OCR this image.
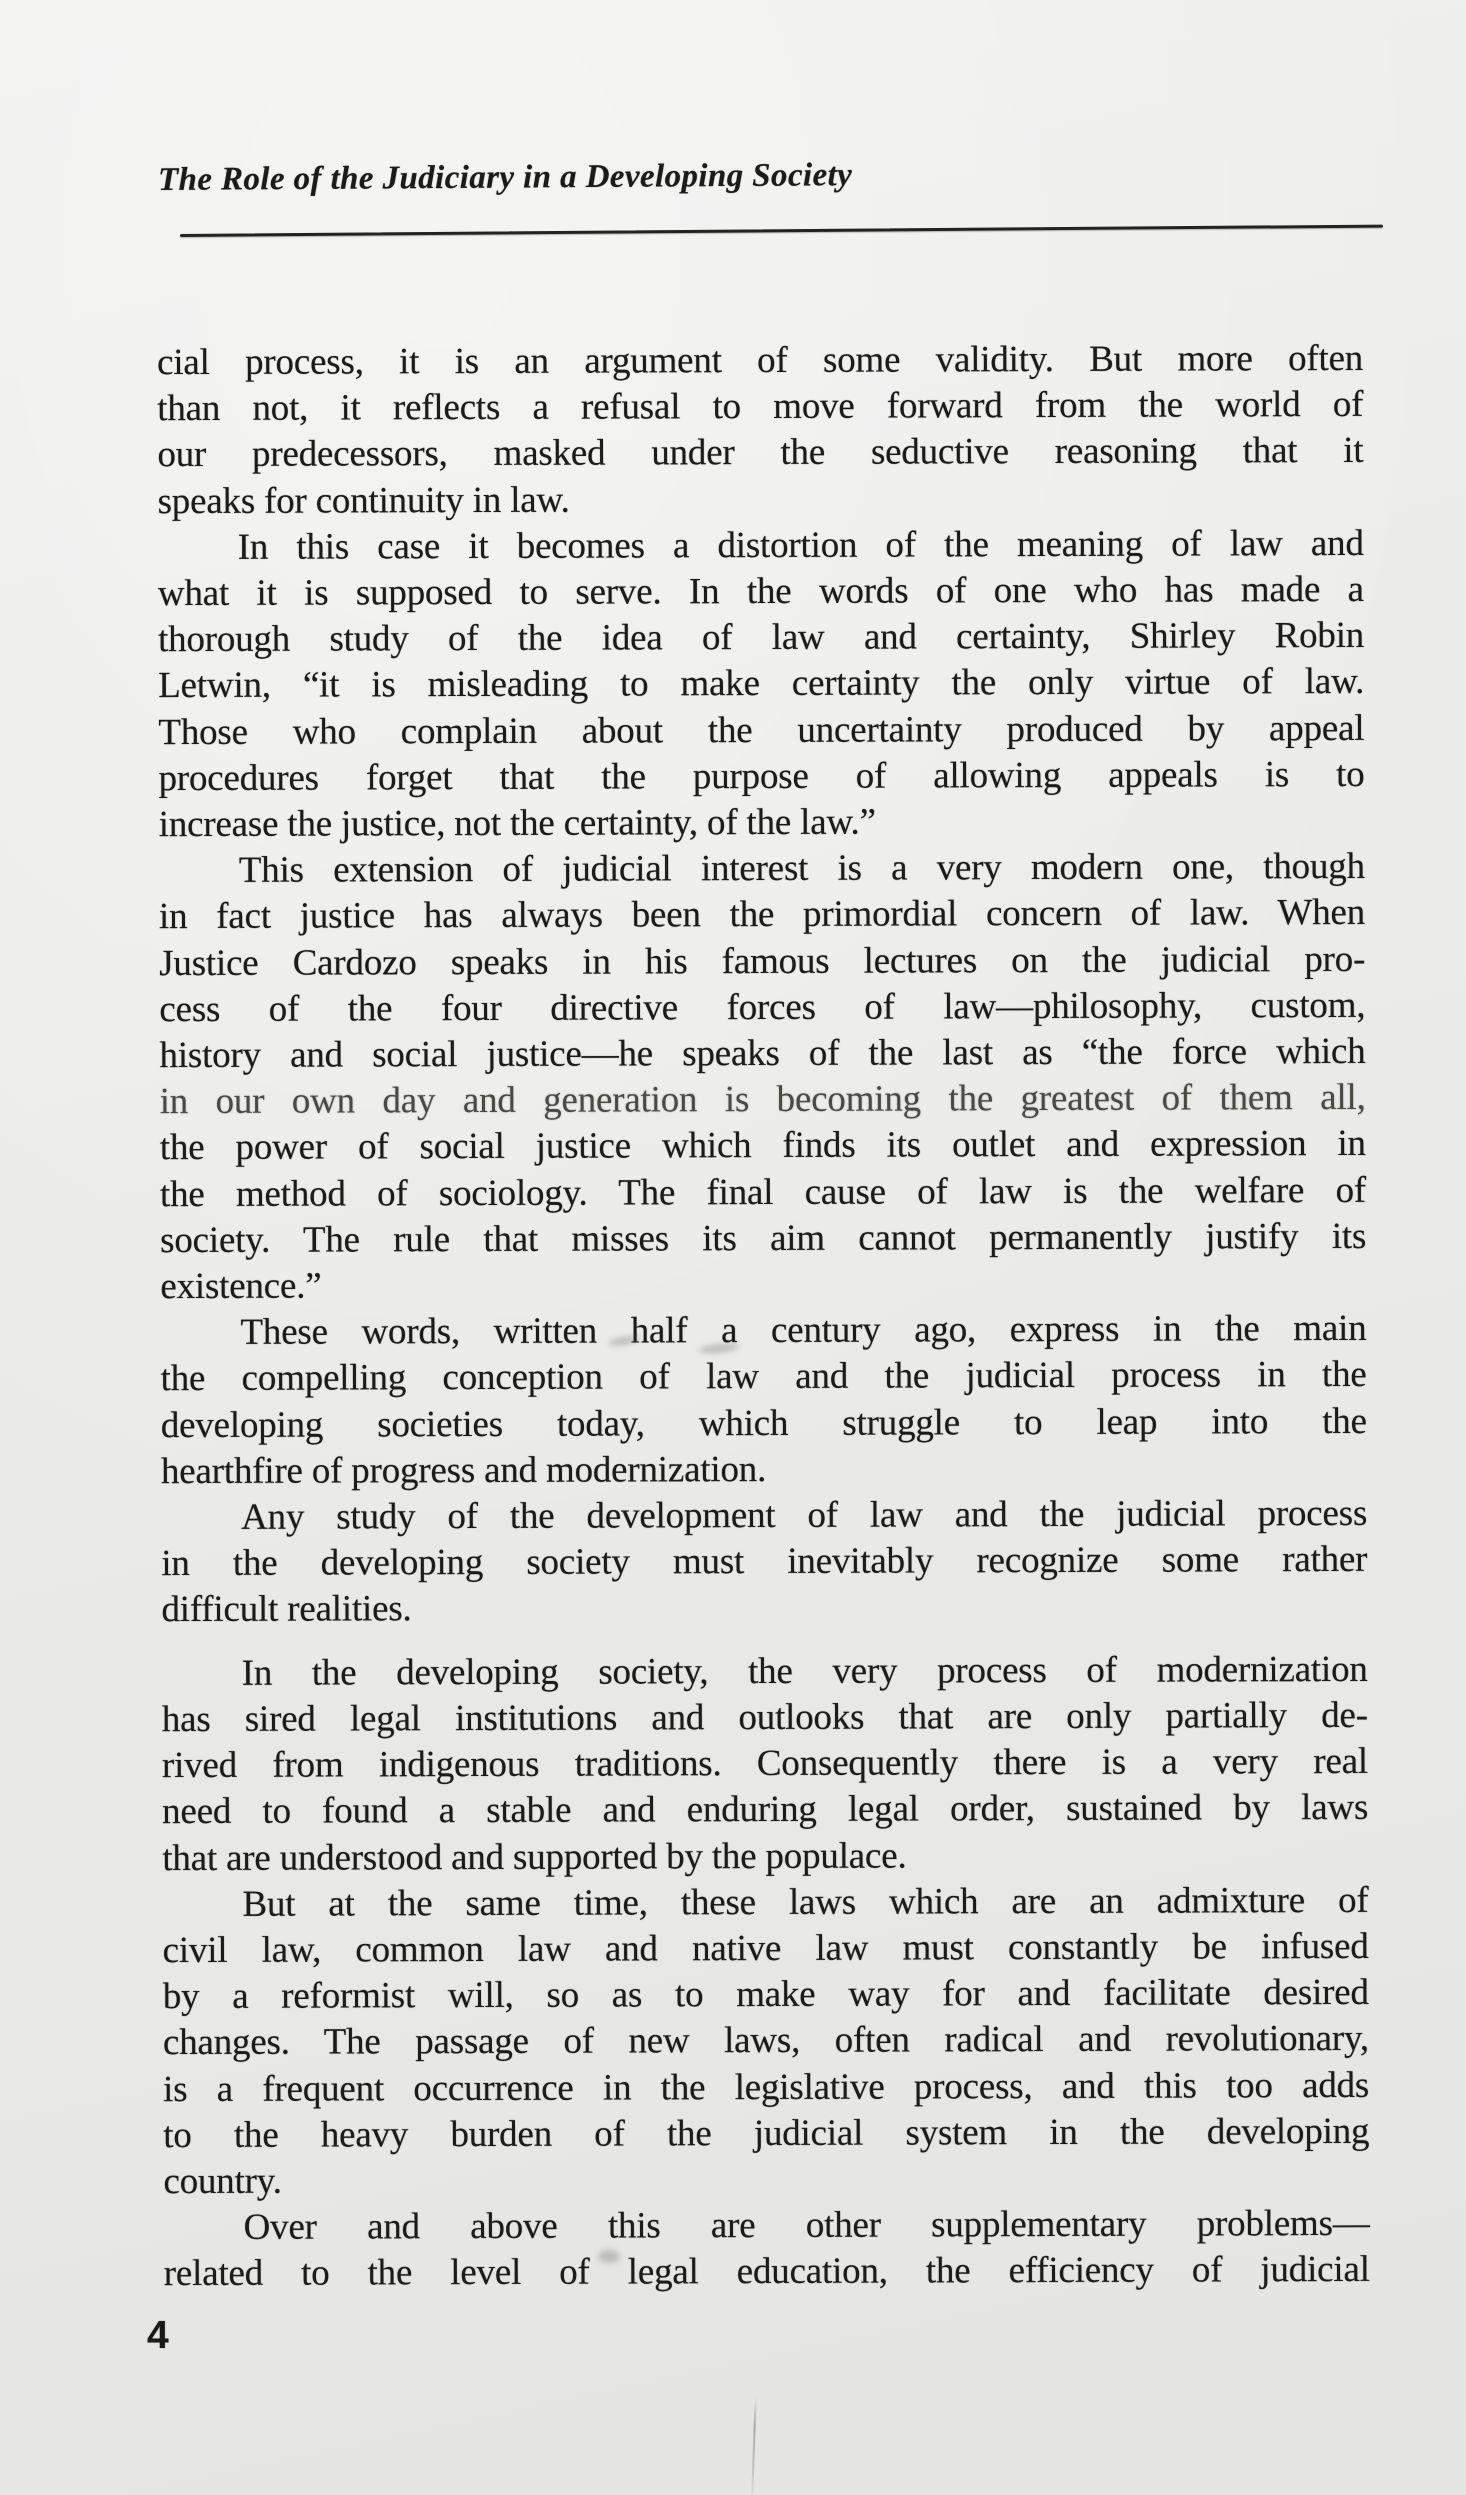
The Role of the Judiciary in a Developing Society
cial process, it is an argument of some validity. But more often
than not, it reflects a refusal to move forward from the world of
our predecessors, masked under the seductive reasoning that it
speaks for continuity in law.
In this case it becomes a distortion of the meaning of law and
what it is supposed to serve. In the words of one who has made a
thorough study of the idea of law and certainty, Shirley Robin
Letwin, “it is misleading to make certainty the only virtue of law.
Those who complain about the uncertainty produced by appeal
procedures forget that the purpose of allowing appeals is to
increase the justice, not the certainty, of the law.”
This extension of judicial interest is a very modern one, though
in fact justice has always been the primordial concern of law. When
Justice Cardozo speaks in his famous lectures on the judicial pro-
cess of the four directive forces of law—philosophy, custom,
history and social justice—he speaks of the last as “the force which
in our own day and generation is becoming the greatest of them all,
the power of social justice which finds its outlet and expression in
the method of sociology. The final cause of law is the welfare of
society. The rule that misses its aim cannot permanently justify its
existence.”
These words, written half a century ago, express in the main
the compelling conception of law and the judicial process in the
developing societies today, which struggle to leap into the
hearthfire of progress and modernization.
Any study of the development of law and the judicial process
in the developing society must inevitably recognize some rather
difficult realities.
In the developing society, the very process of modernization
has sired legal institutions and outlooks that are only partially de-
rived from indigenous traditions. Consequently there is a very real
need to found a stable and enduring legal order, sustained by laws
that are understood and supported by the populace.
But at the same time, these laws which are an admixture of
civil law, common law and native law must constantly be infused
by a reformist will, so as to make way for and facilitate desired
changes. The passage of new laws, often radical and revolutionary,
is a frequent occurrence in the legislative process, and this too adds
to the heavy burden of the judicial system in the developing
country.
Over and above this are other supplementary problems—
related to the level of legal education, the efficiency of judicial
4
